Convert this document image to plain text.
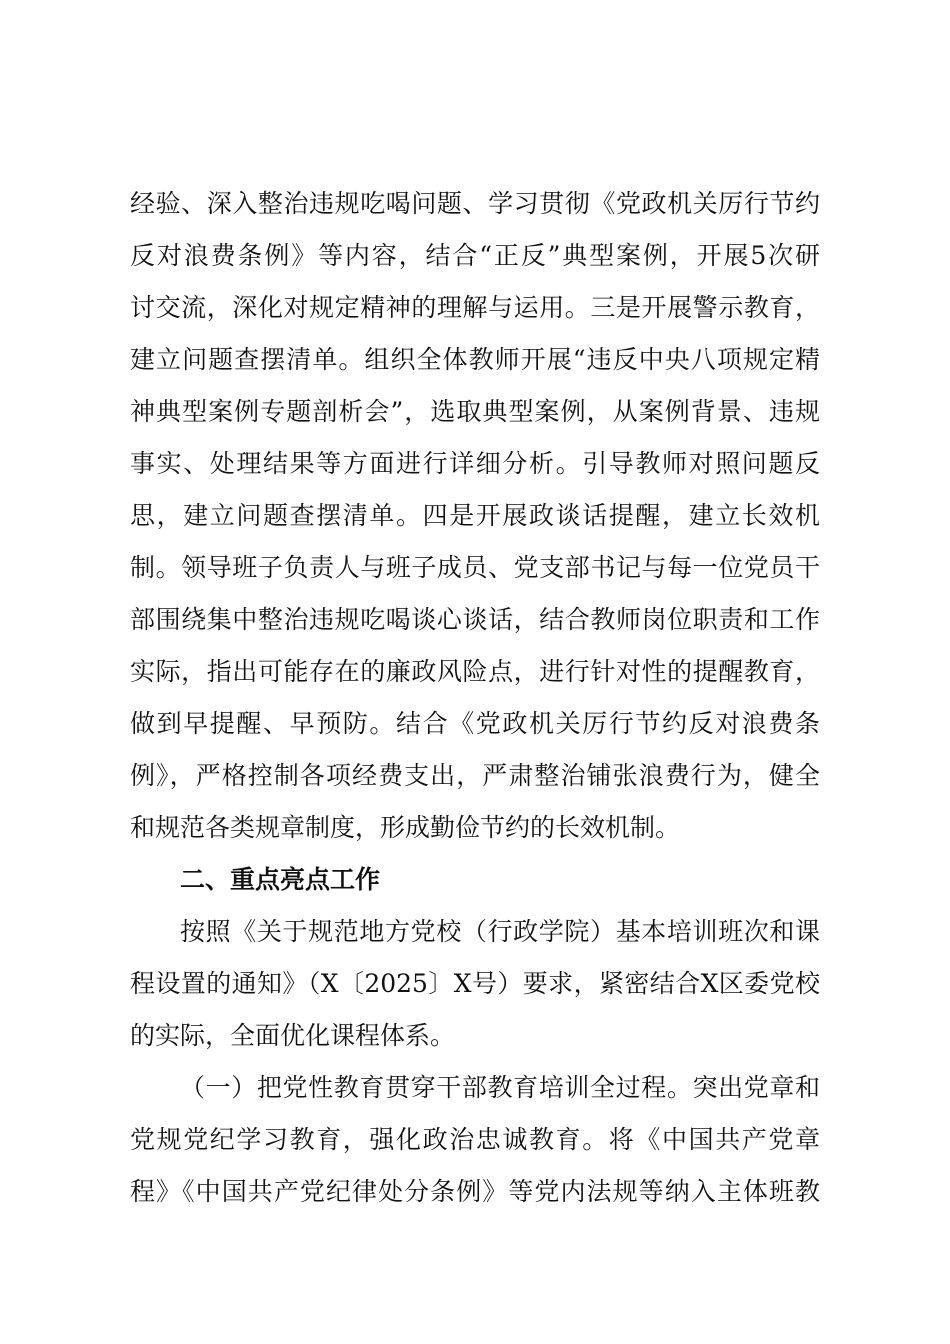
经验、深入整治违规吃喝问题、学习贯彻《党政机关厉行节约
反对浪费条例》等内容，结合“正反”典型案例，开展5次研
讨交流，深化对规定精神的理解与运用。三是开展警示教育，
建立问题查摆清单。组织全体教师开展“违反中央八项规定精
神典型案例专题剖析会”，选取典型案例，从案例背景、违规
事实、处理结果等方面进行详细分析。引导教师对照问题反
思，建立问题查摆清单。四是开展政谈话提醒，建立长效机
制。领导班子负责人与班子成员、党支部书记与每一位党员干
部围绕集中整治违规吃喝谈心谈话，结合教师岗位职责和工作
实际，指出可能存在的廉政风险点，进行针对性的提醒教育，
做到早提醒、早预防。结合《党政机关厉行节约反对浪费条
例》，严格控制各项经费支出，严肃整治铺张浪费行为，健全
和规范各类规章制度，形成勤俭节约的长效机制。
二、重点亮点工作
按照《关于规范地方党校（行政学院）基本培训班次和课
程设置的通知》（X〔2025〕X号）要求，紧密结合X区委党校
的实际，全面优化课程体系。
（一）把党性教育贯穿干部教育培训全过程。突出党章和
党规党纪学习教育，强化政治忠诚教育。将《中国共产党章
程》《中国共产党纪律处分条例》等党内法规等纳入主体班教
